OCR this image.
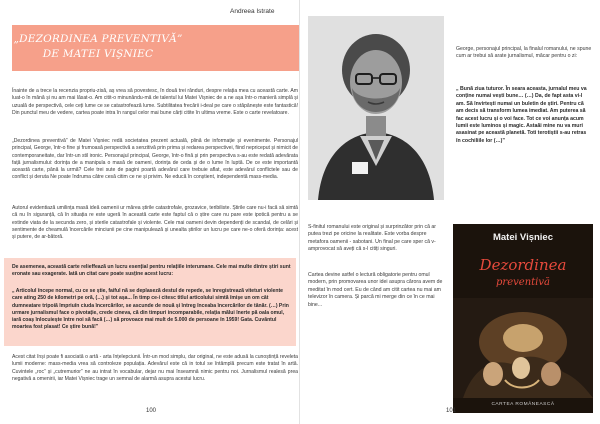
Andreea Istrate
„DEZORDINEA PREVENTIVĂ”
DE MATEI VIŞNIEC

Înainte de a trece la recenzia propriu-zisă, aș vrea să povestesc, în două trei rânduri, despre relația mea cu această carte. Am luat-o în mână și nu am mai lăsat-o. Am citit-o minunându-mă de talentul lui Matei Vișniec de a ne așa într-o manieră simplă și uzuală de perspectivă, cele ceți lume ce se catastrofează lume. Subtilitatea frecării i-deal pe care o stăpânește este fantastică! Din punctul meu de vedere, cartea poate intra în rangul celor mai bune cărți citite în ultima vreme. Este o carte revelatoare.

„Dezordinea preventivă” de Matei Vișniec redă societatea prezent actuală, plină de informație și evenimente. Personajul principal, George, într-o fine și frumoasă perspectivă a senzitivă prin prima și redarea perspectivei, fiind nepriceput și nimicit de contemporaneitate, dar într-un stil ironic. Personajul principal, George, într-o fină și prin perspectiva s-au este redată adevărata față jurnalismului: dorința de a manipula o masă de oameni, dorința de ceda și de o lume în luptă. De ce este importantă această carte, până la urmă? Cele trei sute de pagini poartă adevărul care trebuie aflat, este adevărul conflictele sau de conflict și deruta Ne poate îndruma către cesă citim ce ne și privim. Ne educă în conștient, independentă mass-media.

Autorul evidentiază umilința masă ideă oamenii ur mărea știrile catastrofale, grozavice, teribiliste. Știrile care nu-i facă să simtă că nu în siguranță, că în situația re este ugeră în această carte este faptul că o știre care nu pare este ipotică pentru a se extinde viata de la secunda zero, și sterile catastrofale și violente. Cele mai oameni devin dependenți de scandal, de celări și sentimente de cheamulă încercările minciunii pe cine manipulează și unealta știrilor un lucru pe care ne-o oferă dorința: acest și putere, de ar-bătoră.

De asemenea, această carte relieffează un lucru esențial pentru relațiile interumane. Cele mai multe dintre știri sunt eronate sau exagerate. Iată un citat care poate susține acest lucru:

„ Articolul începe normal, cu ce se știe, faiful nă se deplaseză destul de repede, se înregistrează viteturi violente care ating 250 de kilometri pe oră, (…) și tot așa... În timp ce-i citesc titlul articolului simtă îmișe un om cât dumneatare tripoiă împriuîn ciuda încercărilor, se ascunde de nouă și întreg înceaba încercărilor de tânăr. (…) Prin urmare jurnalismul face o pivotație, crede cineva, că din timpuri incomparabile, relația mălui înerte pă oala omul, iară coaș înlocuiește între noi să facă (…) să provoace mai mult de 5.000 de persoane în 1959! Gata. Cuvântul moartea fost plasat! Ce știre bună!”

Acest citat înși poate fi asociată o artă - arta înțelepciunii. Într-un mod simplu, dar original, ne este adusă la cunoștință reveleta lumii moderne: mass-media vrea să controleze populația. Adevărul este că in totul se întâmplă precum este tratat în artă. Cuvintele „roc” și „cutremurior” ne au intrat în vocabular, dejar nu mai înseamnă nimic pentru noi. Jurnalismul realesă prea negativă a omenirii, iar Matei Vișniec trage un semnal de alarmă asupra acestui lucru.

100

George, personajul principal, la finalul romanului, ne spune cum ar trebui să arate jurnalismul, măcar pentru o zi:

„ Bună ziua tuturor. În seara aceasta, jurnalul meu va conține numai vești bune… (…) Da, de fapt asta vi-l am. Să învirtești numai un buletin de știri. Pentru că am decis să transform lumea imediat. Am puterea să fac acest lucru și o voi face. Tot ce voi anunța acum lumii este luminos și magic. Astaăi mine nu va muri asasinat pe această planetă. Toti terotiștii s-au retras în cochiliile lor (…)”

S-finitul romanului este original și surprinzător prin că ar putea trezi pe oricine la realitate. Este vorba despre metafora oamenii - sabotani. Un final pe care sper că v-amprovocat să aveți că s-l citiți singuri.

Cartea devine astfel o lectură obligatorie pentru omul modern, prin promovarea unor idei asupra cărora avem de meditat în mod cert. Eu de când am citit cartea nu mai am televizor în camera. Și parcă mi merge din ce în ce mai bine...

Matei Vișniec
Dezordinea
preventivă
CARTEA ROMÂNEASCĂ
101
